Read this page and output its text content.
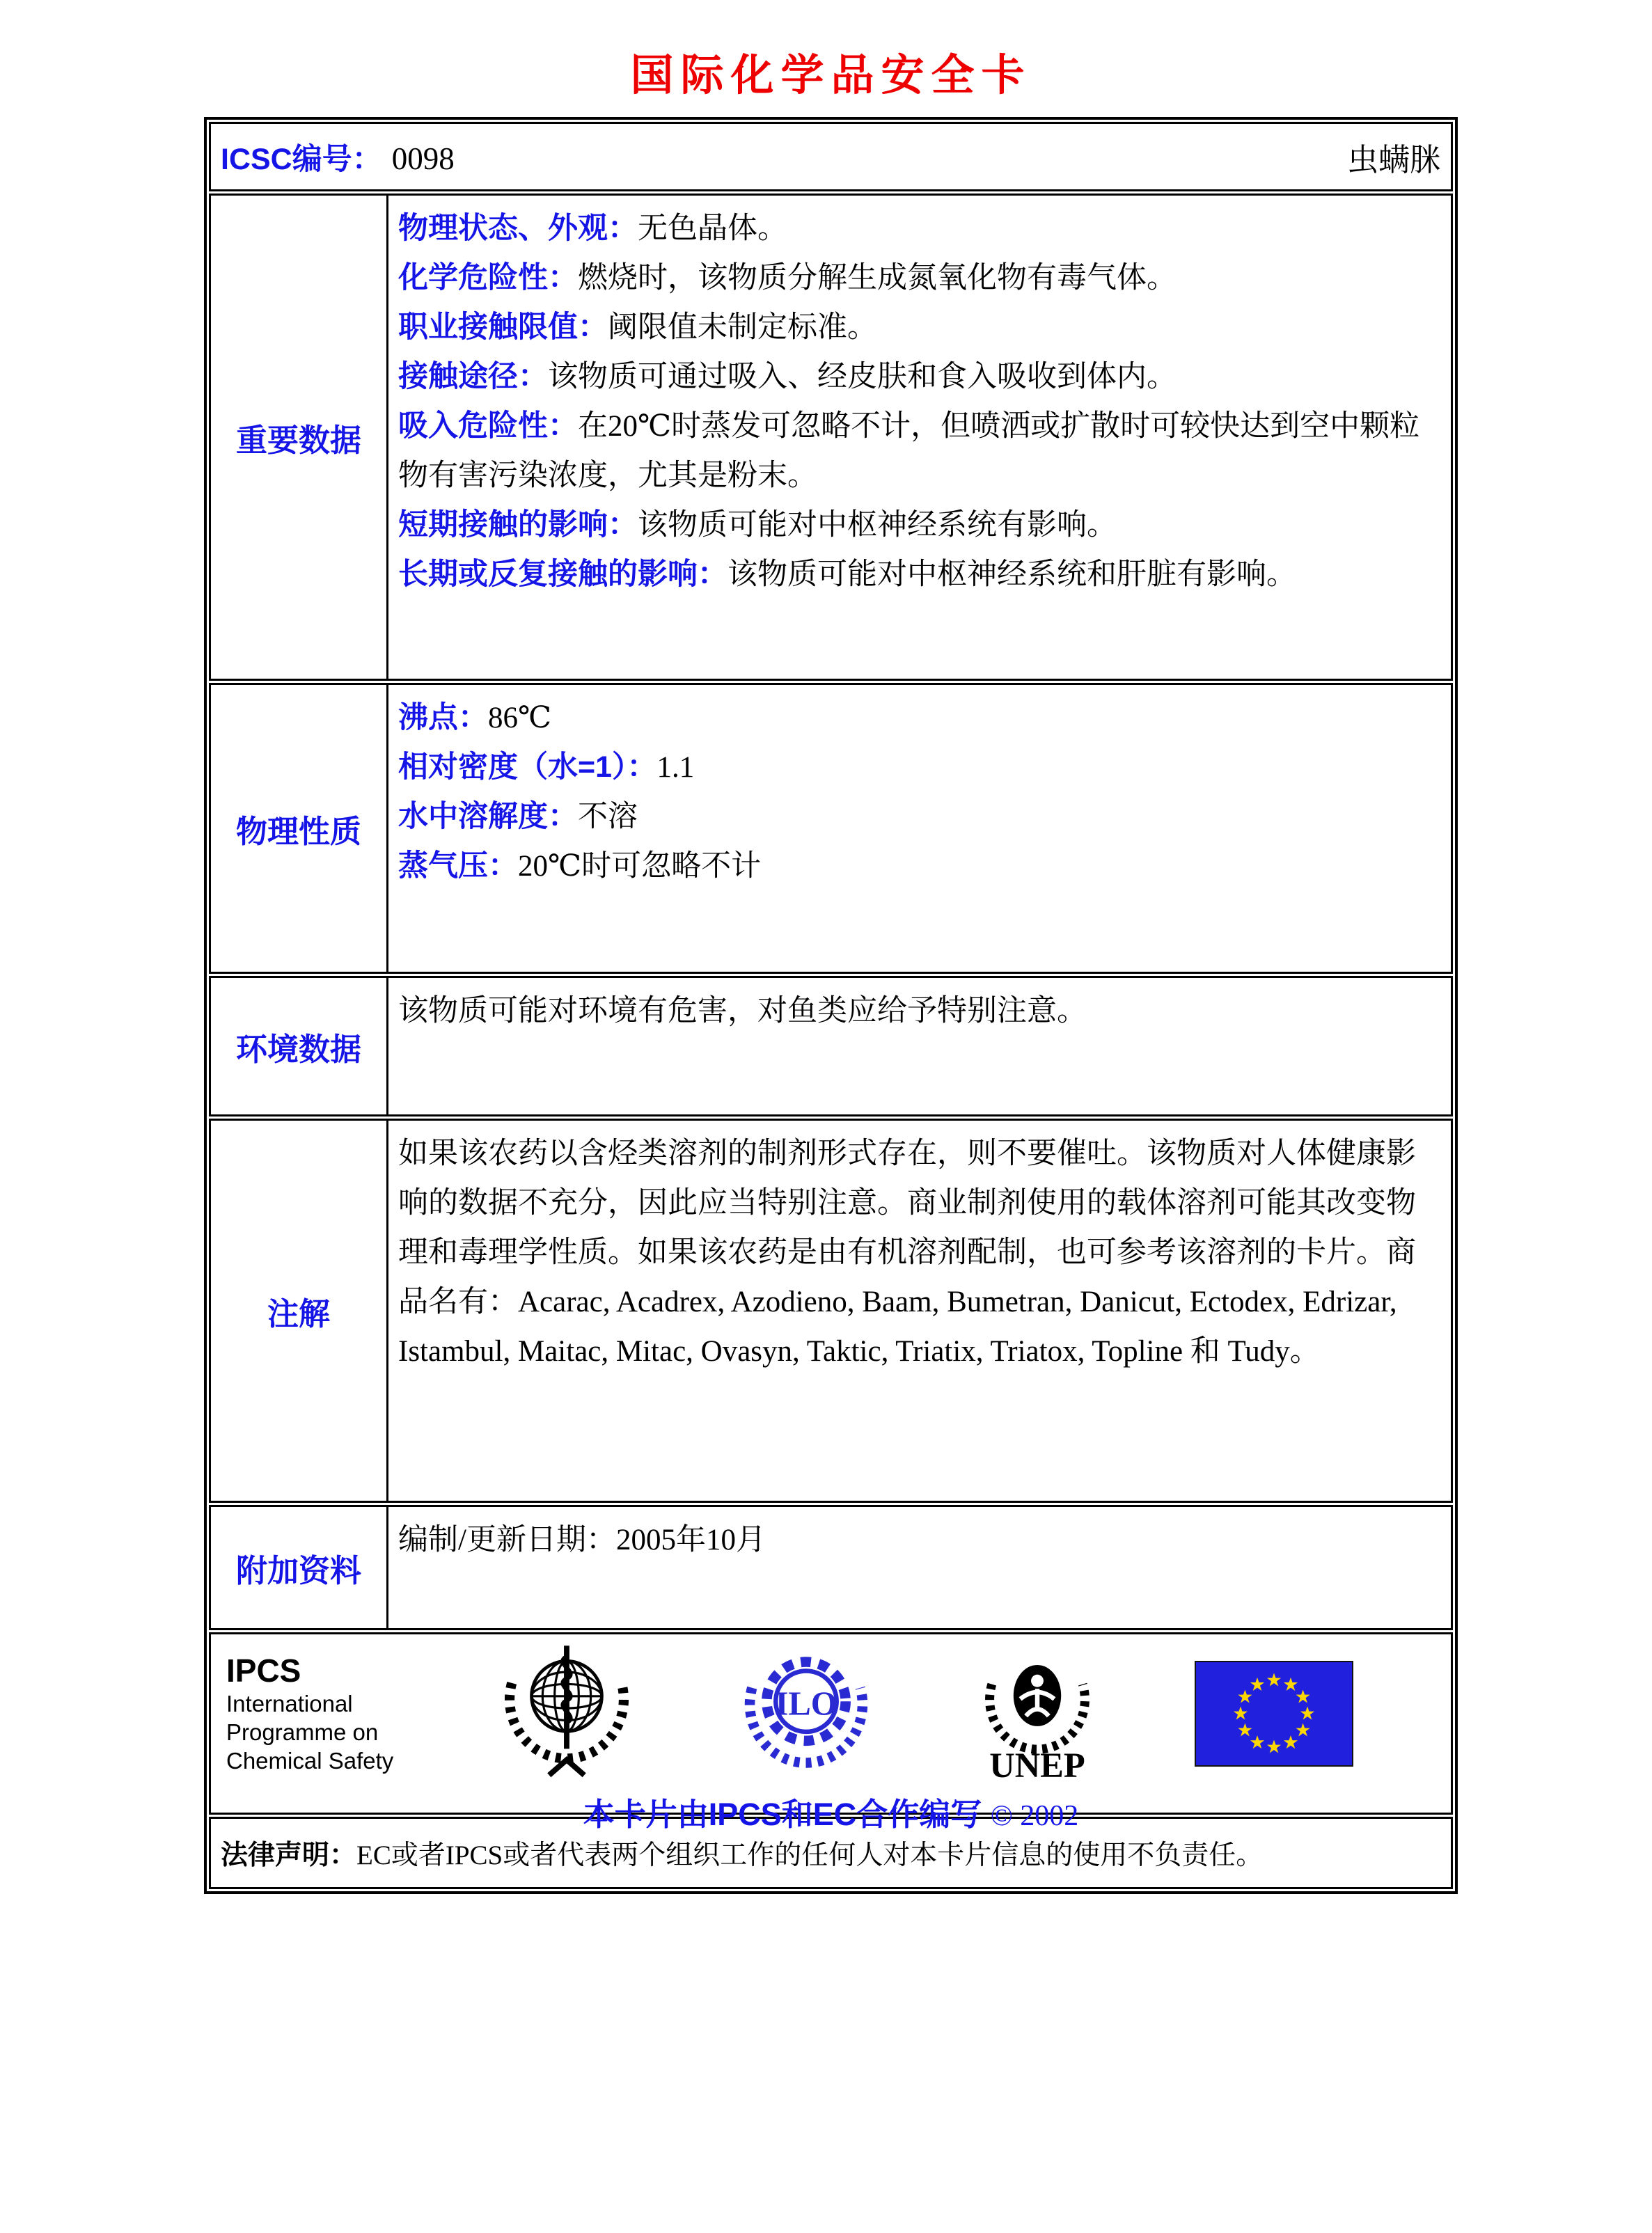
国际化学品安全卡
ICSC编号： 0098	虫螨脒
重要数据
物理状态、外观：无色晶体。
化学危险性：燃烧时，该物质分解生成氮氧化物有毒气体。
职业接触限值：阈限值未制定标准。
接触途径：该物质可通过吸入、经皮肤和食入吸收到体内。
吸入危险性：在20℃时蒸发可忽略不计，但喷洒或扩散时可较快达到空中颗粒物有害污染浓度，尤其是粉末。
短期接触的影响：该物质可能对中枢神经系统有影响。
长期或反复接触的影响：该物质可能对中枢神经系统和肝脏有影响。
物理性质
沸点：86℃
相对密度（水=1）：1.1
水中溶解度：不溶
蒸气压：20℃时可忽略不计
环境数据
该物质可能对环境有危害，对鱼类应给予特别注意。
注解
如果该农药以含烃类溶剂的制剂形式存在，则不要催吐。该物质对人体健康影响的数据不充分，因此应当特别注意。商业制剂使用的载体溶剂可能其改变物理和毒理学性质。如果该农药是由有机溶剂配制，也可参考该溶剂的卡片。商品名有：Acarac, Acadrex, Azodieno, Baam, Bumetran, Danicut, Ectodex, Edrizar, Istambul, Maitac, Mitac, Ovasyn, Taktic, Triatix, Triatox, Topline 和 Tudy。
附加资料
编制/更新日期：2005年10月
IPCS
International
Programme on
Chemical Safety
ILO
UNEP
本卡片由IPCS和EC合作编写 © 2002
法律声明： EC或者IPCS或者代表两个组织工作的任何人对本卡片信息的使用不负责任。
